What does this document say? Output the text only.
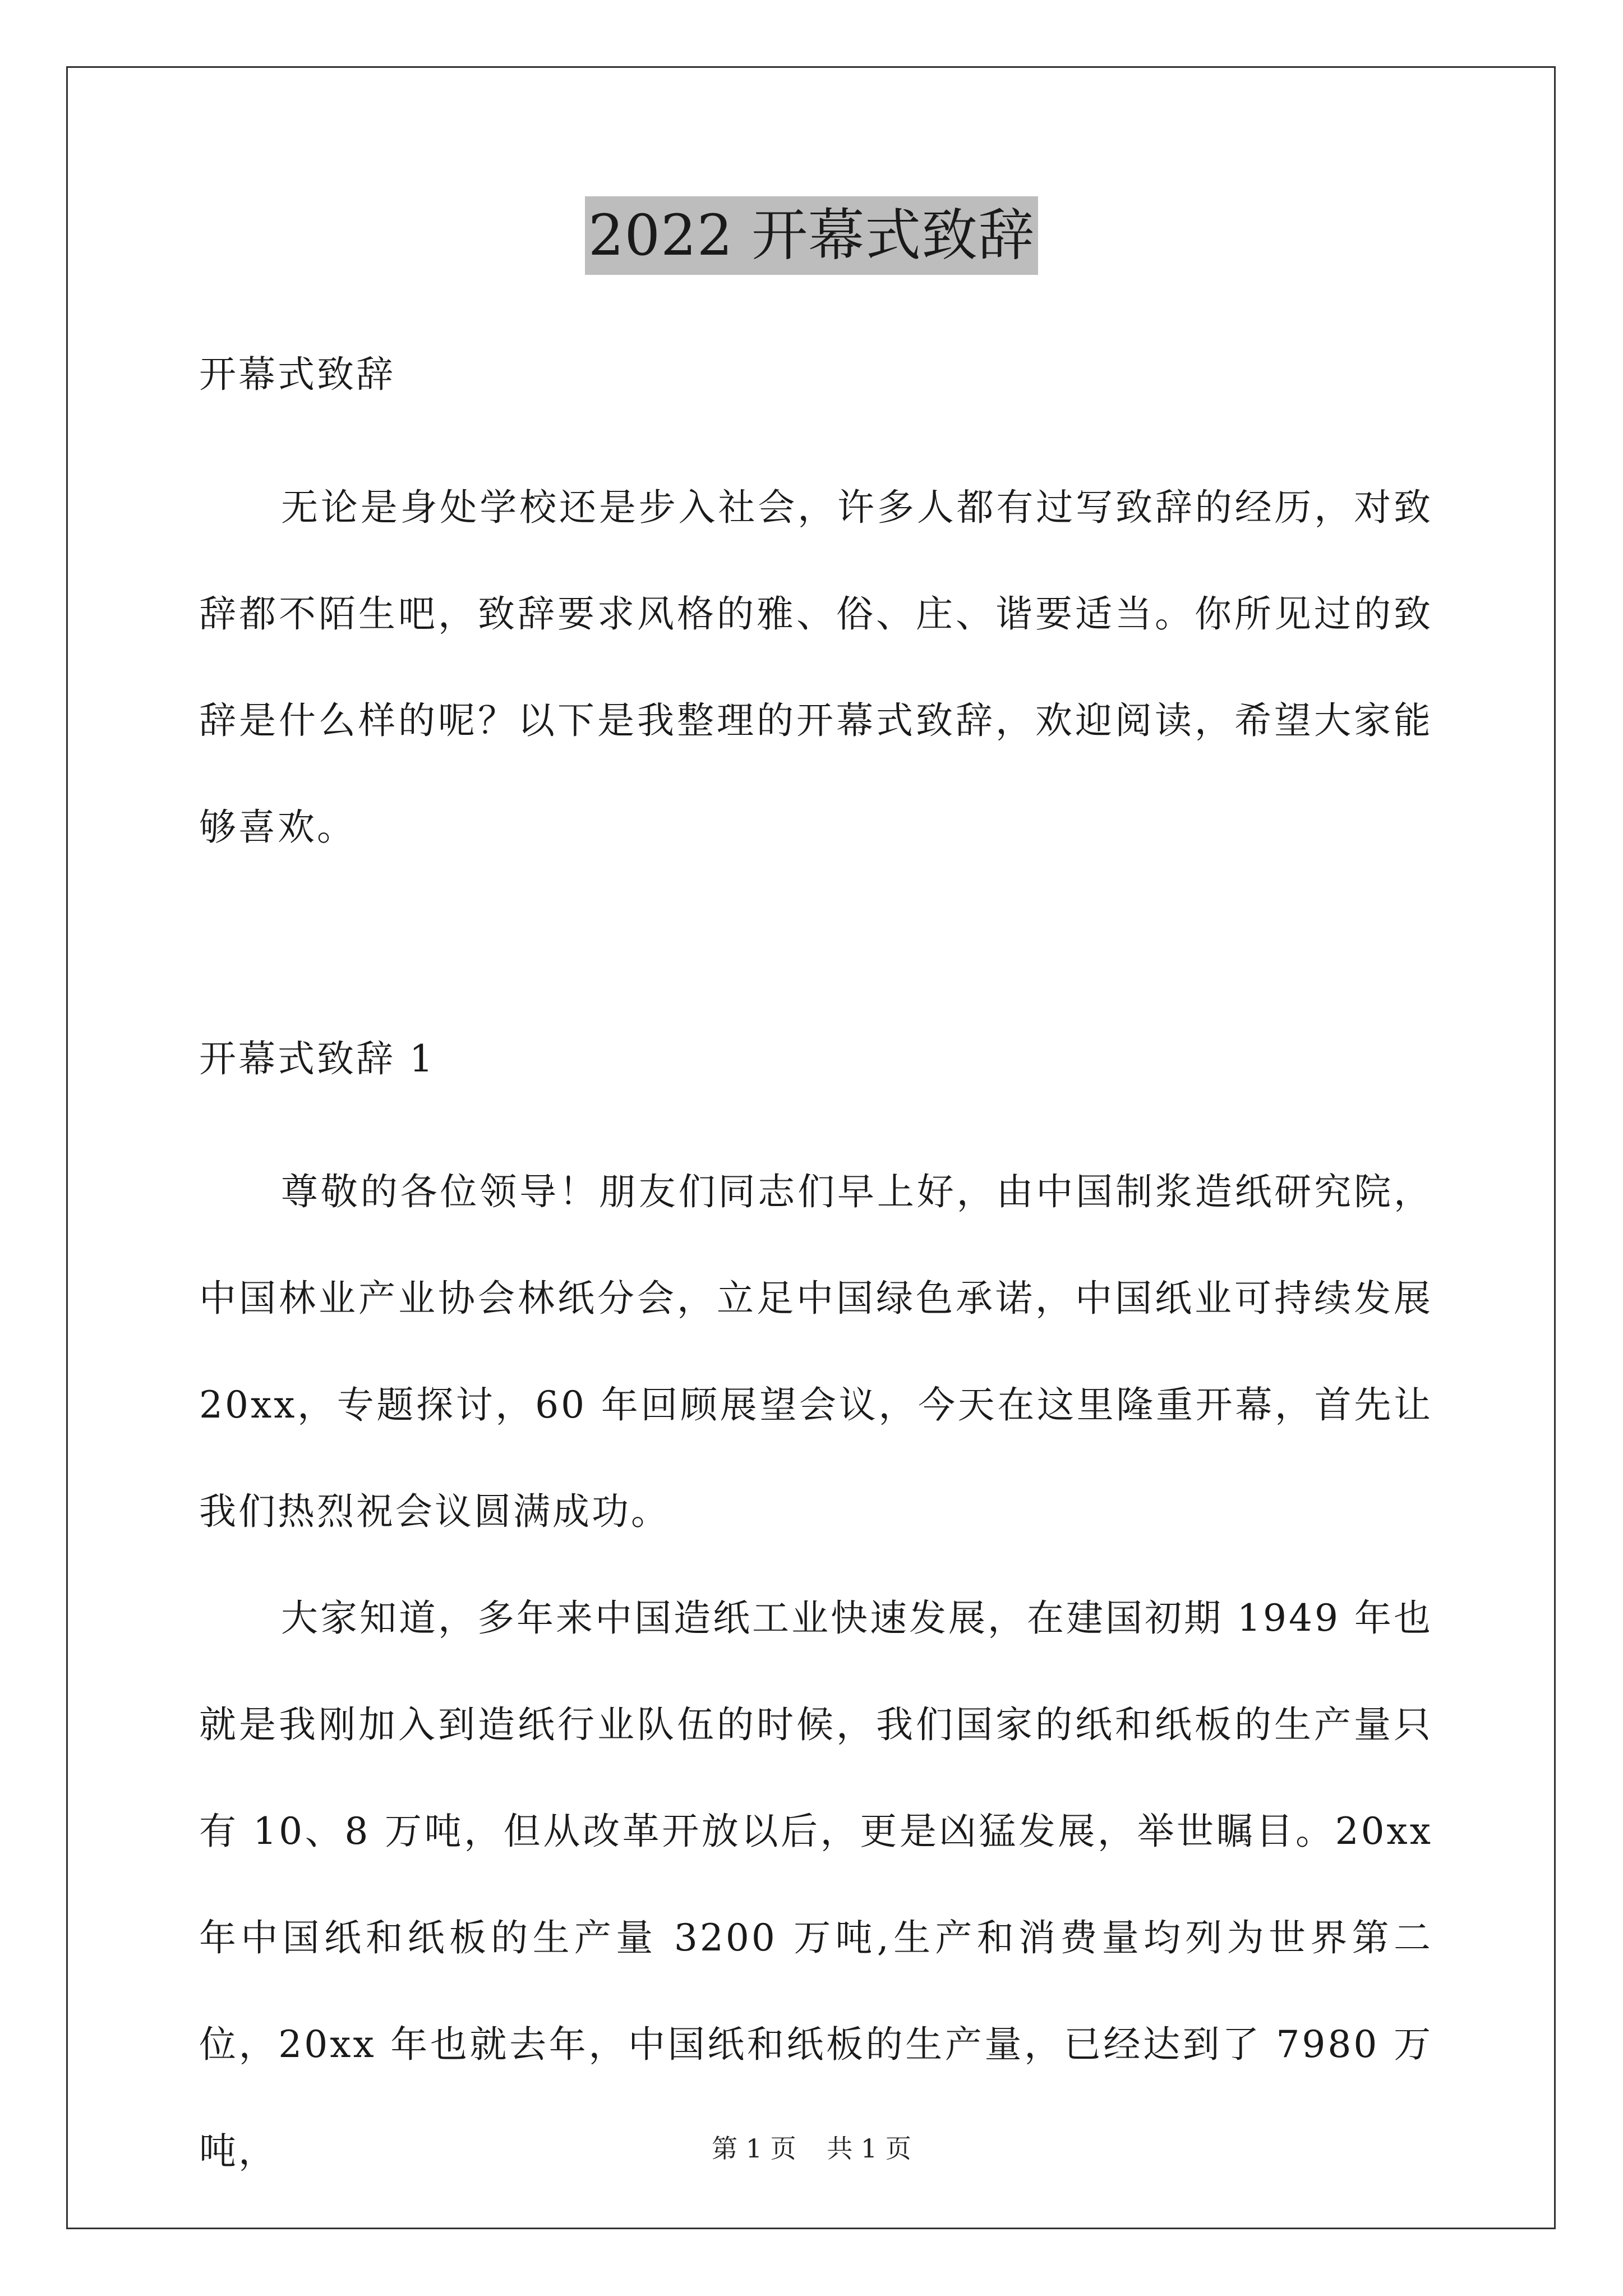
2022 开幕式致辞

开幕式致辞

无论是身处学校还是步入社会，许多人都有过写致辞的经历，对致辞都不陌生吧，致辞要求风格的雅、俗、庄、谐要适当。你所见过的致辞是什么样的呢？以下是我整理的开幕式致辞，欢迎阅读，希望大家能够喜欢。

开幕式致辞 1

尊敬的各位领导！朋友们同志们早上好，由中国制浆造纸研究院，中国林业产业协会林纸分会，立足中国绿色承诺，中国纸业可持续发展 20xx，专题探讨，60 年回顾展望会议，今天在这里隆重开幕，首先让我们热烈祝会议圆满成功。

大家知道，多年来中国造纸工业快速发展，在建国初期 1949 年也就是我刚加入到造纸行业队伍的时候，我们国家的纸和纸板的生产量只有 10、8 万吨，但从改革开放以后，更是凶猛发展，举世瞩目。20xx 年中国纸和纸板的生产量 3200 万吨,生产和消费量均列为世界第二位，20xx 年也就去年，中国纸和纸板的生产量，已经达到了 7980 万吨，	第 1 页 共 1 页
